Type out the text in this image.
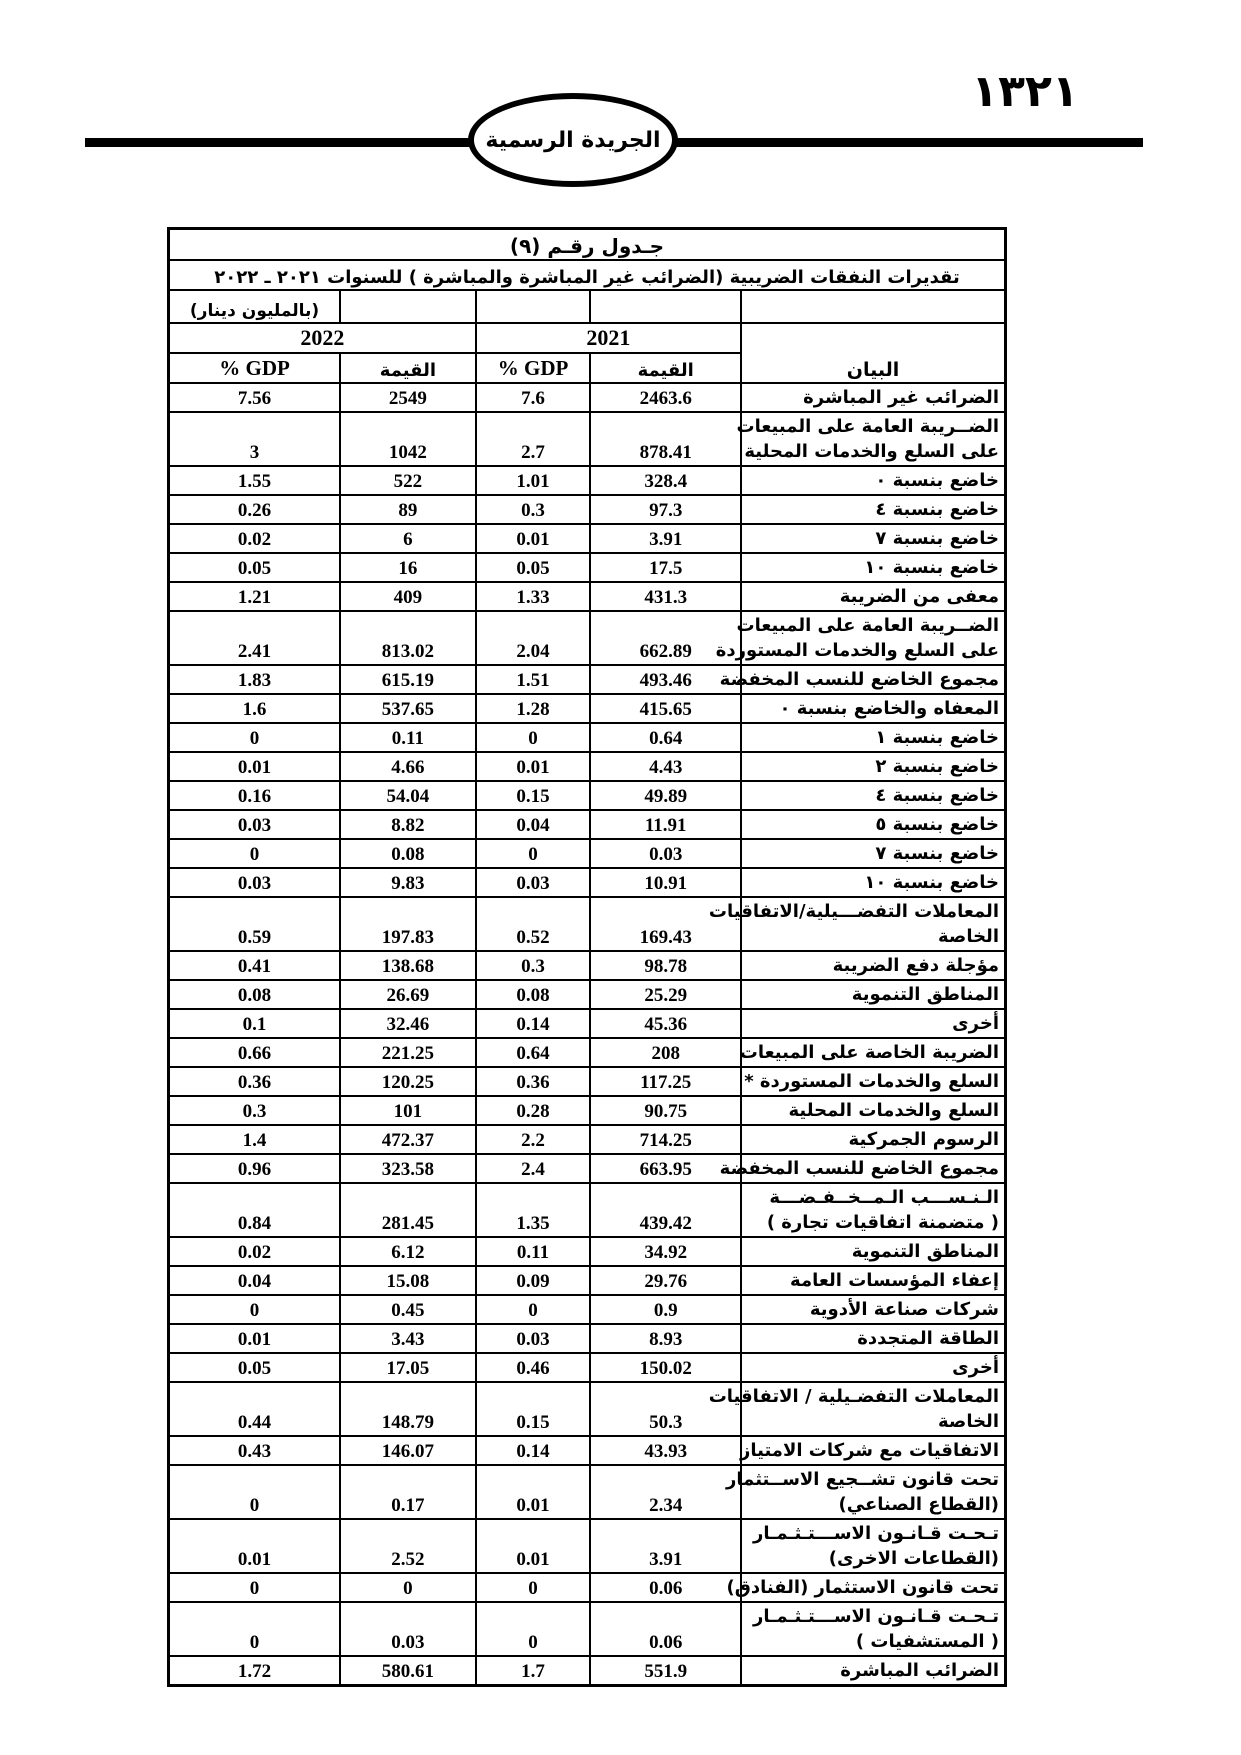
١٣٢١
الجريدة الرسمية
جـدول رقـم (٩)				
تقديرات النفقات الضريبية (الضرائب غير المباشرة والمباشرة ) للسنوات ٢٠٢١ ـ ٢٠٢٢				
				(بالمليون دينار)
البيان	2021		2022	
	القيمة	% GDP	القيمة	% GDP

الضرائب غير المباشرة	2463.6	7.6	2549	7.56

الضــريبة العامة على المبيعات
على السلع والخدمات المحلية	878.41	2.7	1042	3

خاضع بنسبة ٠	328.4	1.01	522	1.55

خاضع بنسبة ٤	97.3	0.3	89	0.26

خاضع بنسبة ٧	3.91	0.01	6	0.02

خاضع بنسبة ١٠	17.5	0.05	16	0.05

معفى من الضريبة	431.3	1.33	409	1.21

الضــريبة العامة على المبيعات
على السلع والخدمات المستوردة	662.89	2.04	813.02	2.41

مجموع الخاضع للنسب المخفضة	493.46	1.51	615.19	1.83

المعفاه والخاضع بنسبة ٠	415.65	1.28	537.65	1.6

خاضع بنسبة ١	0.64	0	0.11	0

خاضع بنسبة ٢	4.43	0.01	4.66	0.01

خاضع بنسبة ٤	49.89	0.15	54.04	0.16

خاضع بنسبة ٥	11.91	0.04	8.82	0.03

خاضع بنسبة ٧	0.03	0	0.08	0

خاضع بنسبة ١٠	10.91	0.03	9.83	0.03

المعاملات التفضـــيلية/الاتفاقيات
الخاصة	169.43	0.52	197.83	0.59

مؤجلة دفع الضريبة	98.78	0.3	138.68	0.41

المناطق التنموية	25.29	0.08	26.69	0.08

أخرى	45.36	0.14	32.46	0.1

الضريبة الخاصة على المبيعات	208	0.64	221.25	0.66

السلع والخدمات المستوردة *	117.25	0.36	120.25	0.36

السلع والخدمات المحلية	90.75	0.28	101	0.3

الرسوم الجمركية	714.25	2.2	472.37	1.4

مجموع الخاضع للنسب المخفضة	663.95	2.4	323.58	0.96

الـنـســـب الـمــخــفـضـــة
( متضمنة اتفاقيات تجارة )	439.42	1.35	281.45	0.84

المناطق التنموية	34.92	0.11	6.12	0.02

إعفاء المؤسسات العامة	29.76	0.09	15.08	0.04

شركات صناعة الأدوية	0.9	0	0.45	0

الطاقة المتجددة	8.93	0.03	3.43	0.01

أخرى	150.02	0.46	17.05	0.05

المعاملات التفضـيلية / الاتفاقيات
الخاصة	50.3	0.15	148.79	0.44

الاتفاقيات مع شركات الامتياز	43.93	0.14	146.07	0.43

تحت قانون تشــجيع الاســتثمار
(القطاع الصناعي)	2.34	0.01	0.17	0

تـحـت قـانـون الاســـتـثـمـار
(القطاعات الاخرى)	3.91	0.01	2.52	0.01

تحت قانون الاستثمار (الفنادق)	0.06	0	0	0

تـحـت قـانـون الاســـتـثـمـار
( المستشفيات )	0.06	0	0.03	0

الضرائب المباشرة	551.9	1.7	580.61	1.72
